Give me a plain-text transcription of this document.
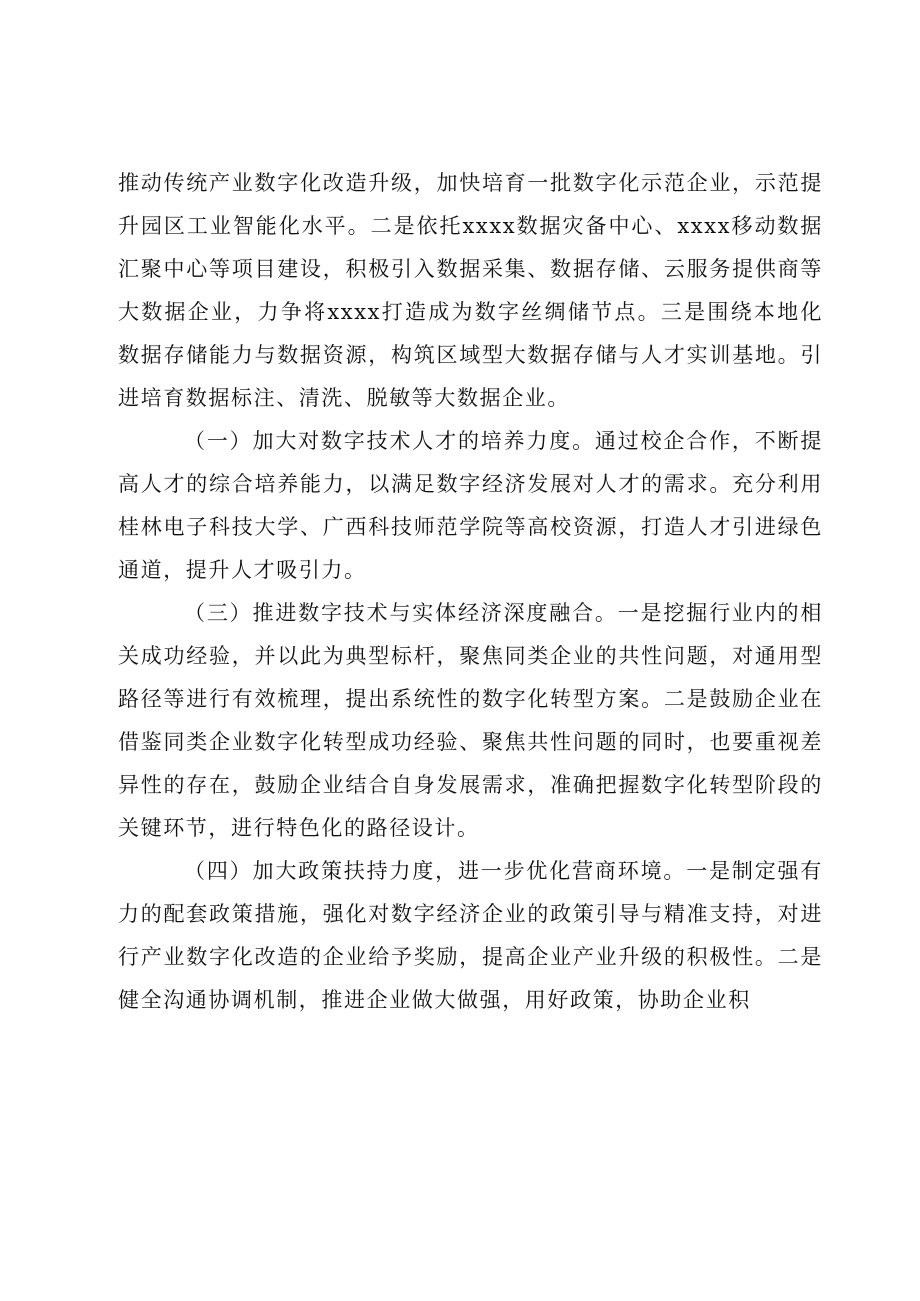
推动传统产业数字化改造升级，加快培育一批数字化示范企业，示范提升园区工业智能化水平。二是依托xxxx数据灾备中心、xxxx移动数据汇聚中心等项目建设，积极引入数据采集、数据存储、云服务提供商等大数据企业，力争将xxxx打造成为数字丝绸储节点。三是围绕本地化数据存储能力与数据资源，构筑区域型大数据存储与人才实训基地。引进培育数据标注、清洗、脱敏等大数据企业。

（一）加大对数字技术人才的培养力度。通过校企合作，不断提高人才的综合培养能力，以满足数字经济发展对人才的需求。充分利用桂林电子科技大学、广西科技师范学院等高校资源，打造人才引进绿色通道，提升人才吸引力。

（三）推进数字技术与实体经济深度融合。一是挖掘行业内的相关成功经验，并以此为典型标杆，聚焦同类企业的共性问题，对通用型路径等进行有效梳理，提出系统性的数字化转型方案。二是鼓励企业在借鉴同类企业数字化转型成功经验、聚焦共性问题的同时，也要重视差异性的存在，鼓励企业结合自身发展需求，准确把握数字化转型阶段的关键环节，进行特色化的路径设计。

（四）加大政策扶持力度，进一步优化营商环境。一是制定强有力的配套政策措施，强化对数字经济企业的政策引导与精准支持，对进行产业数字化改造的企业给予奖励，提高企业产业升级的积极性。二是健全沟通协调机制，推进企业做大做强，用好政策，协助企业积
